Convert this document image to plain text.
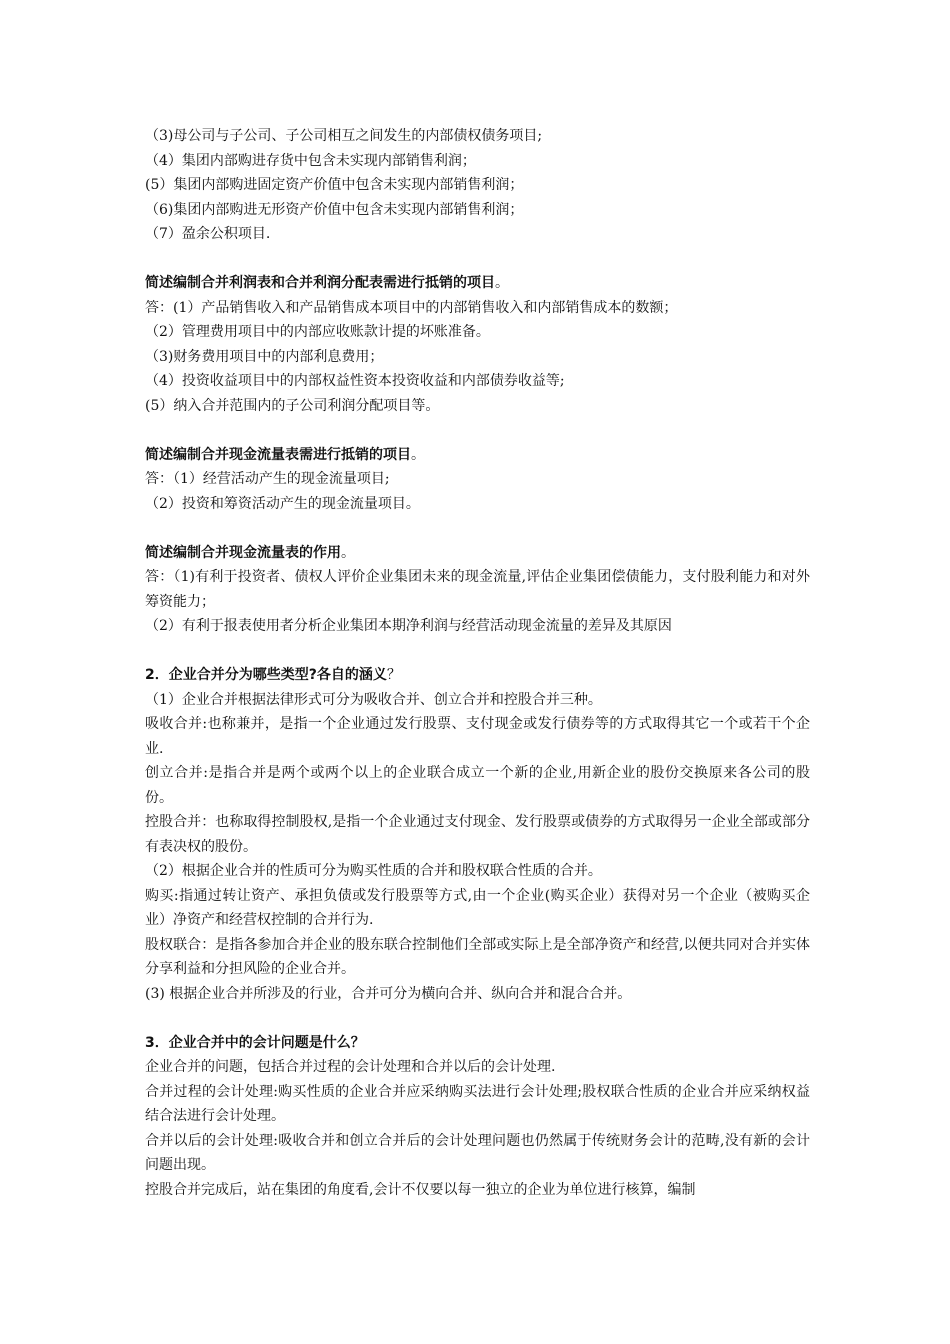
（3)母公司与子公司、子公司相互之间发生的内部债权债务项目;
（4）集团内部购进存货中包含未实现内部销售利润；
(5）集团内部购进固定资产价值中包含未实现内部销售利润；
（6)集团内部购进无形资产价值中包含未实现内部销售利润；
（7）盈余公积项目.
简述编制合并利润表和合并利润分配表需进行抵销的项目。
答：(1）产品销售收入和产品销售成本项目中的内部销售收入和内部销售成本的数额；
（2）管理费用项目中的内部应收账款计提的坏账准备。
（3)财务费用项目中的内部利息费用；
（4）投资收益项目中的内部权益性资本投资收益和内部债券收益等;
(5）纳入合并范围内的子公司利润分配项目等。
简述编制合并现金流量表需进行抵销的项目。
答：（1）经营活动产生的现金流量项目;
（2）投资和筹资活动产生的现金流量项目。
简述编制合并现金流量表的作用。
答：（1)有利于投资者、债权人评价企业集团未来的现金流量,评估企业集团偿债能力，支付股利能力和对外筹资能力；
（2）有利于报表使用者分析企业集团本期净利润与经营活动现金流量的差异及其原因
2．企业合并分为哪些类型?各自的涵义？
（1）企业合并根据法律形式可分为吸收合并、创立合并和控股合并三种。
吸收合并:也称兼并，是指一个企业通过发行股票、支付现金或发行债券等的方式取得其它一个或若干个企业.
创立合并:是指合并是两个或两个以上的企业联合成立一个新的企业,用新企业的股份交换原来各公司的股份。
控股合并：也称取得控制股权,是指一个企业通过支付现金、发行股票或债券的方式取得另一企业全部或部分有表决权的股份。
（2）根据企业合并的性质可分为购买性质的合并和股权联合性质的合并。
购买:指通过转让资产、承担负债或发行股票等方式,由一个企业(购买企业）获得对另一个企业（被购买企业）净资产和经营权控制的合并行为.
股权联合：是指各参加合并企业的股东联合控制他们全部或实际上是全部净资产和经营,以便共同对合并实体分享利益和分担风险的企业合并。
(3) 根据企业合并所涉及的行业，合并可分为横向合并、纵向合并和混合合并。
3．企业合并中的会计问题是什么？
企业合并的问题，包括合并过程的会计处理和合并以后的会计处理.
合并过程的会计处理:购买性质的企业合并应采纳购买法进行会计处理;股权联合性质的企业合并应采纳权益结合法进行会计处理。
合并以后的会计处理:吸收合并和创立合并后的会计处理问题也仍然属于传统财务会计的范畴,没有新的会计问题出现。
控股合并完成后，站在集团的角度看,会计不仅要以每一独立的企业为单位进行核算，编制
